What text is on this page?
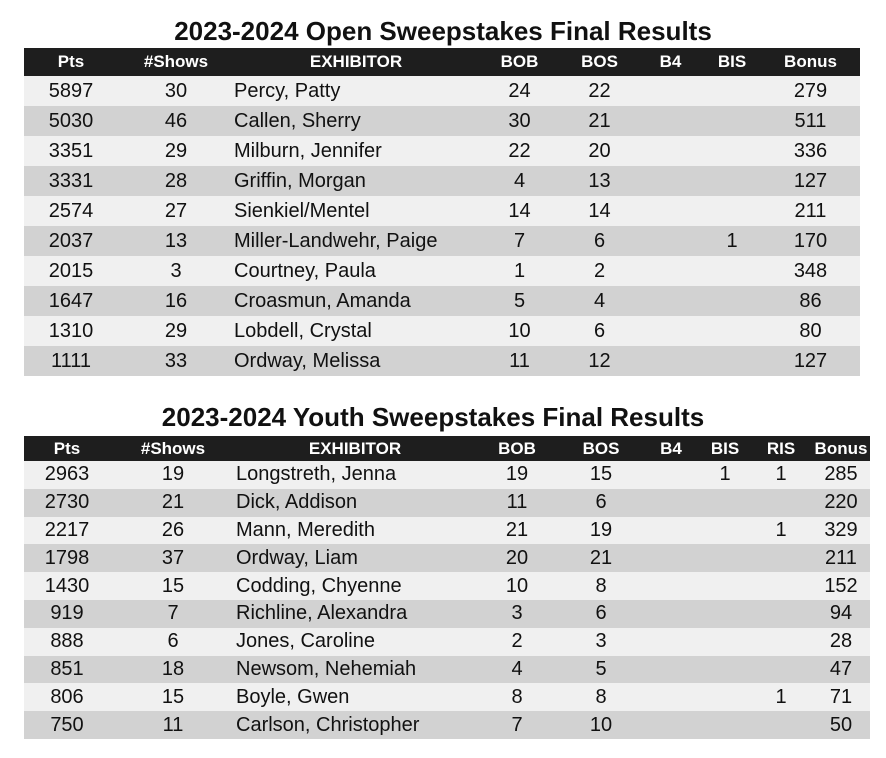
2023-2024 Open Sweepstakes Final Results
Pts	#Shows	EXHIBITOR	BOB	BOS	B4	BIS	Bonus
5897	30	Percy, Patty	24	22			279
5030	46	Callen, Sherry	30	21			511
3351	29	Milburn, Jennifer	22	20			336
3331	28	Griffin, Morgan	4	13			127
2574	27	Sienkiel/Mentel	14	14			211
2037	13	Miller-Landwehr, Paige	7	6		1	170
2015	3	Courtney, Paula	1	2			348
1647	16	Croasmun, Amanda	5	4			86
1310	29	Lobdell, Crystal	10	6			80
1111	33	Ordway, Melissa	11	12			127
2023-2024 Youth Sweepstakes Final Results
Pts	#Shows	EXHIBITOR	BOB	BOS	B4	BIS	RIS	Bonus
2963	19	Longstreth, Jenna	19	15		1	1	285
2730	21	Dick, Addison	11	6				220
2217	26	Mann, Meredith	21	19			1	329
1798	37	Ordway, Liam	20	21				211
1430	15	Codding, Chyenne	10	8				152
919	7	Richline, Alexandra	3	6				94
888	6	Jones, Caroline	2	3				28
851	18	Newsom, Nehemiah	4	5				47
806	15	Boyle, Gwen	8	8			1	71
750	11	Carlson, Christopher	7	10				50
